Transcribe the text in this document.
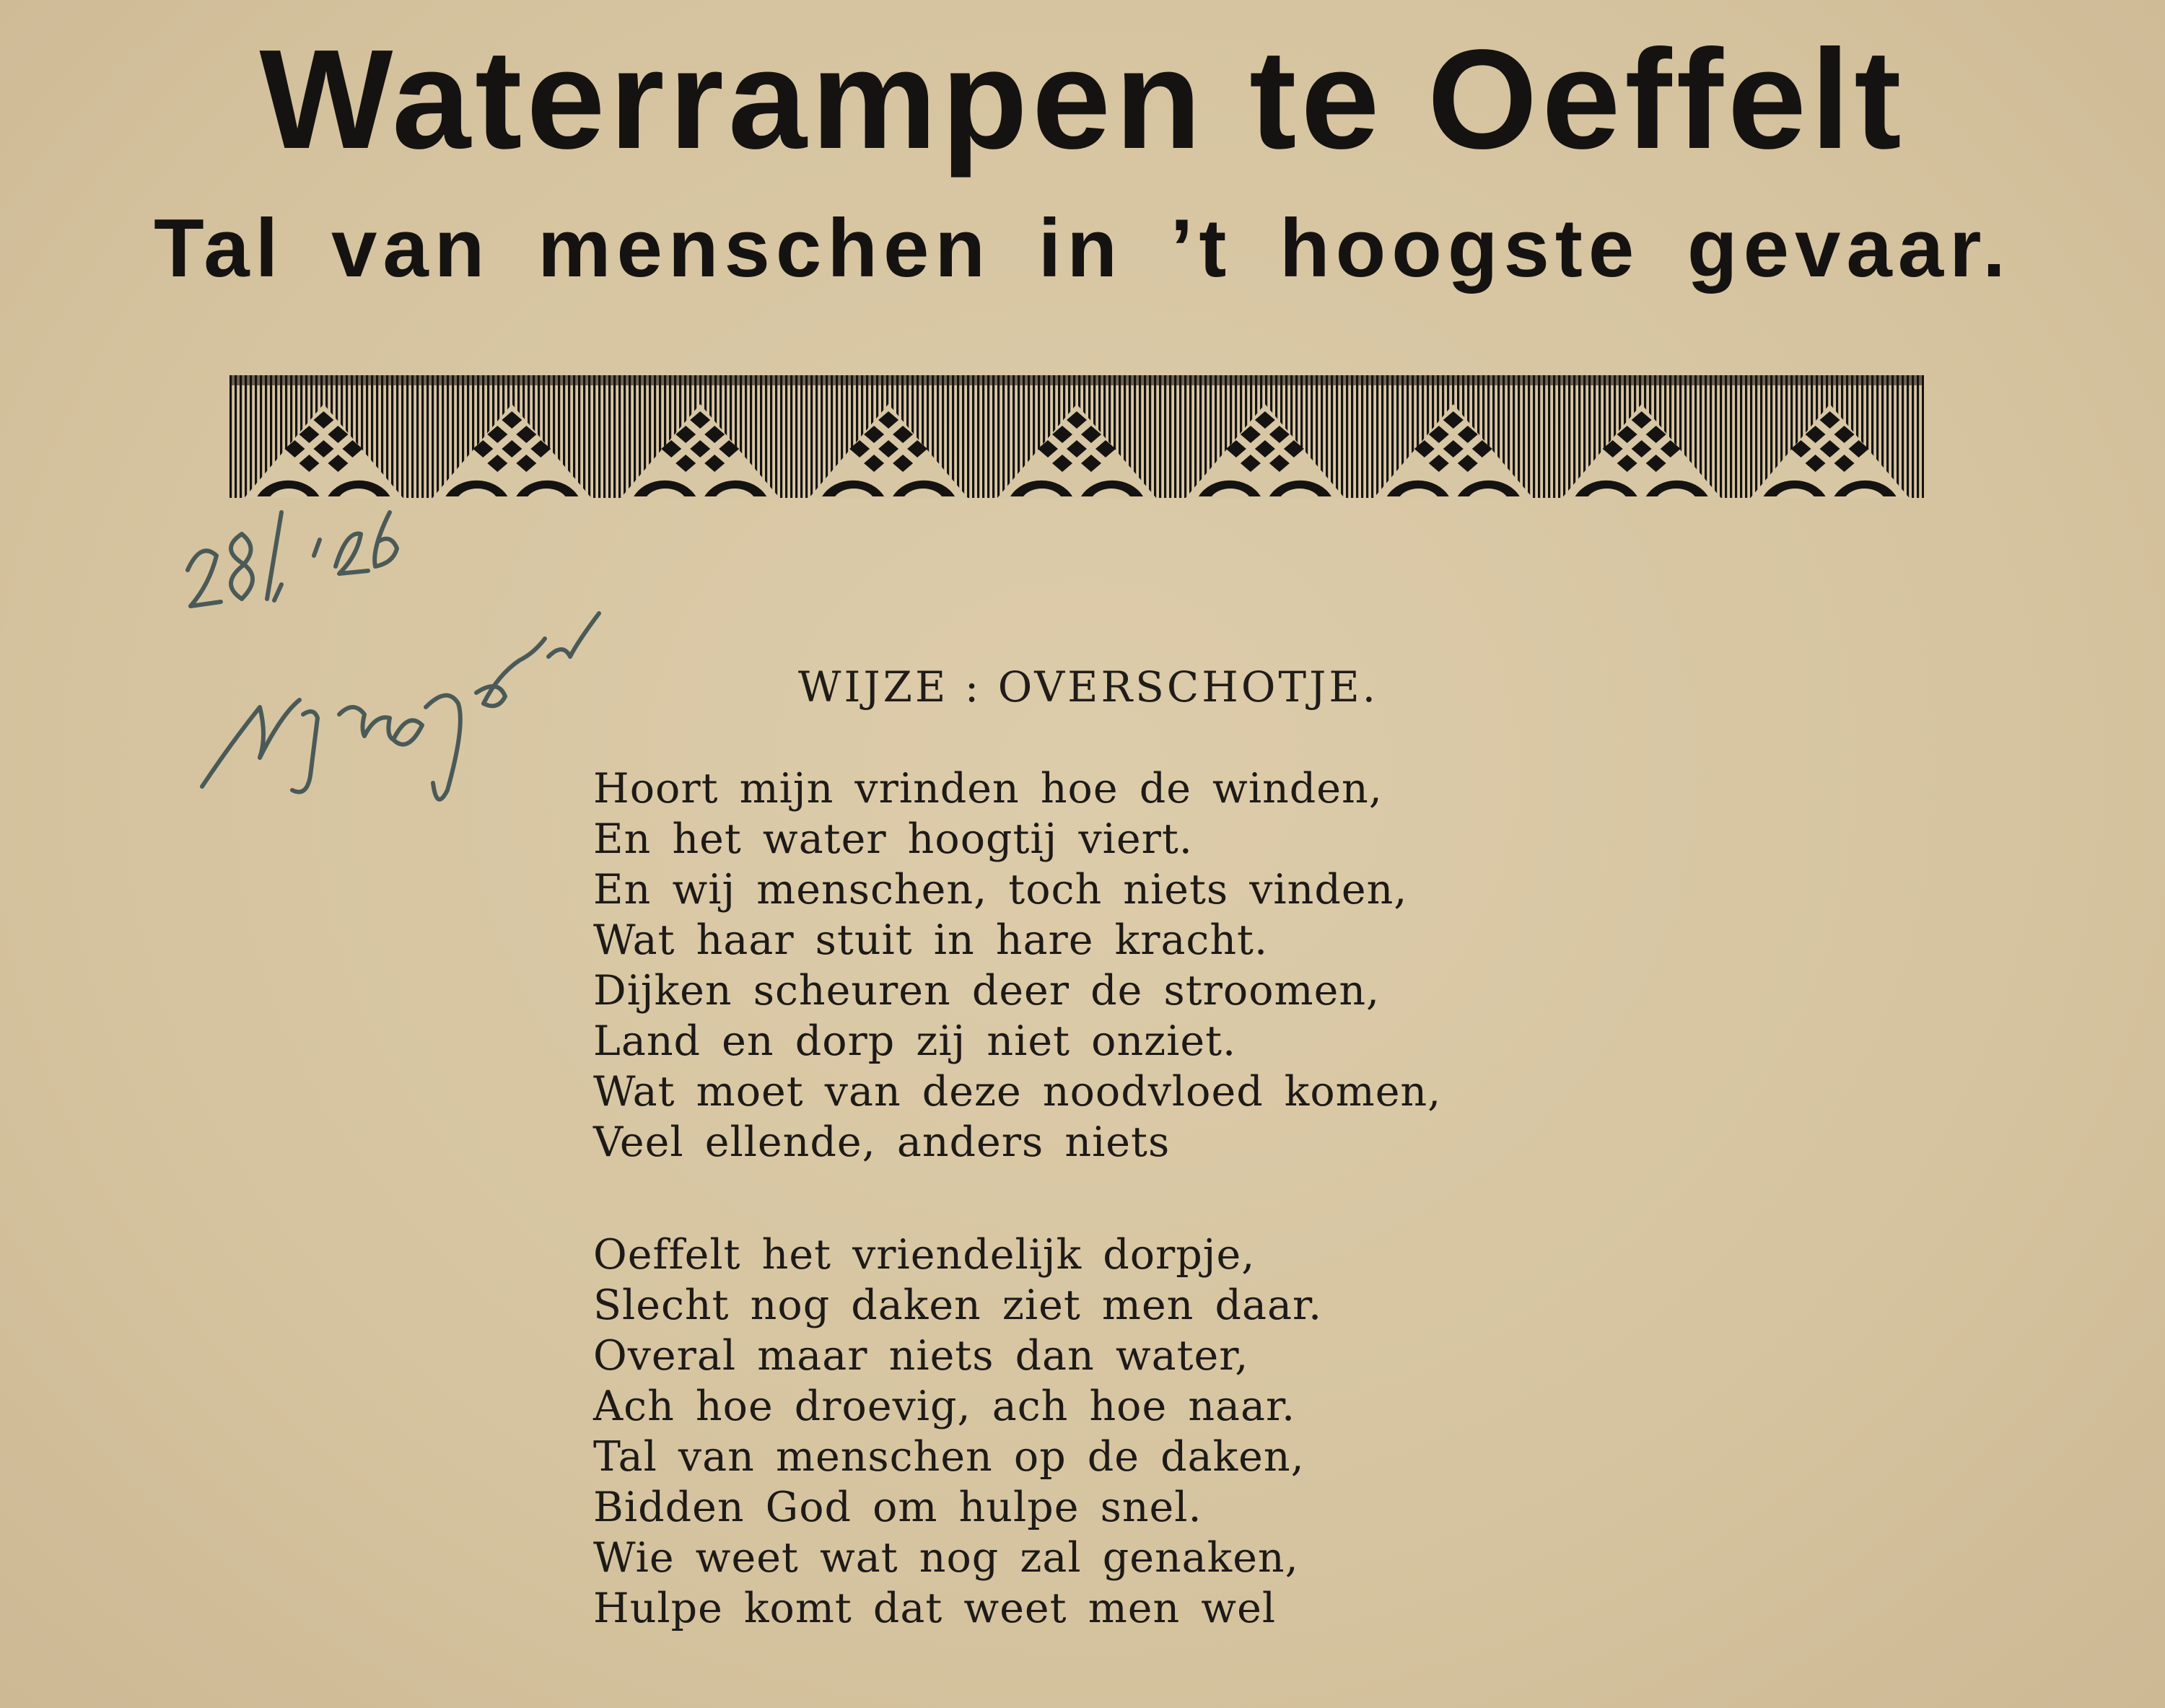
Waterrampen te Oeffelt
Tal van menschen in ’t hoogste gevaar.
WIJZE : OVERSCHOTJE.
Hoort mijn vrinden hoe de winden,
En het water hoogtij viert.
En wij menschen, toch niets vinden,
Wat haar stuit in hare kracht.
Dijken scheuren deer de stroomen,
Land en dorp zij niet onziet.
Wat moet van deze noodvloed komen,
Veel ellende, anders niets
Oeffelt het vriendelijk dorpje,
Slecht nog daken ziet men daar.
Overal maar niets dan water,
Ach hoe droevig, ach hoe naar.
Tal van menschen op de daken,
Bidden God om hulpe snel.
Wie weet wat nog zal genaken,
Hulpe komt dat weet men wel
